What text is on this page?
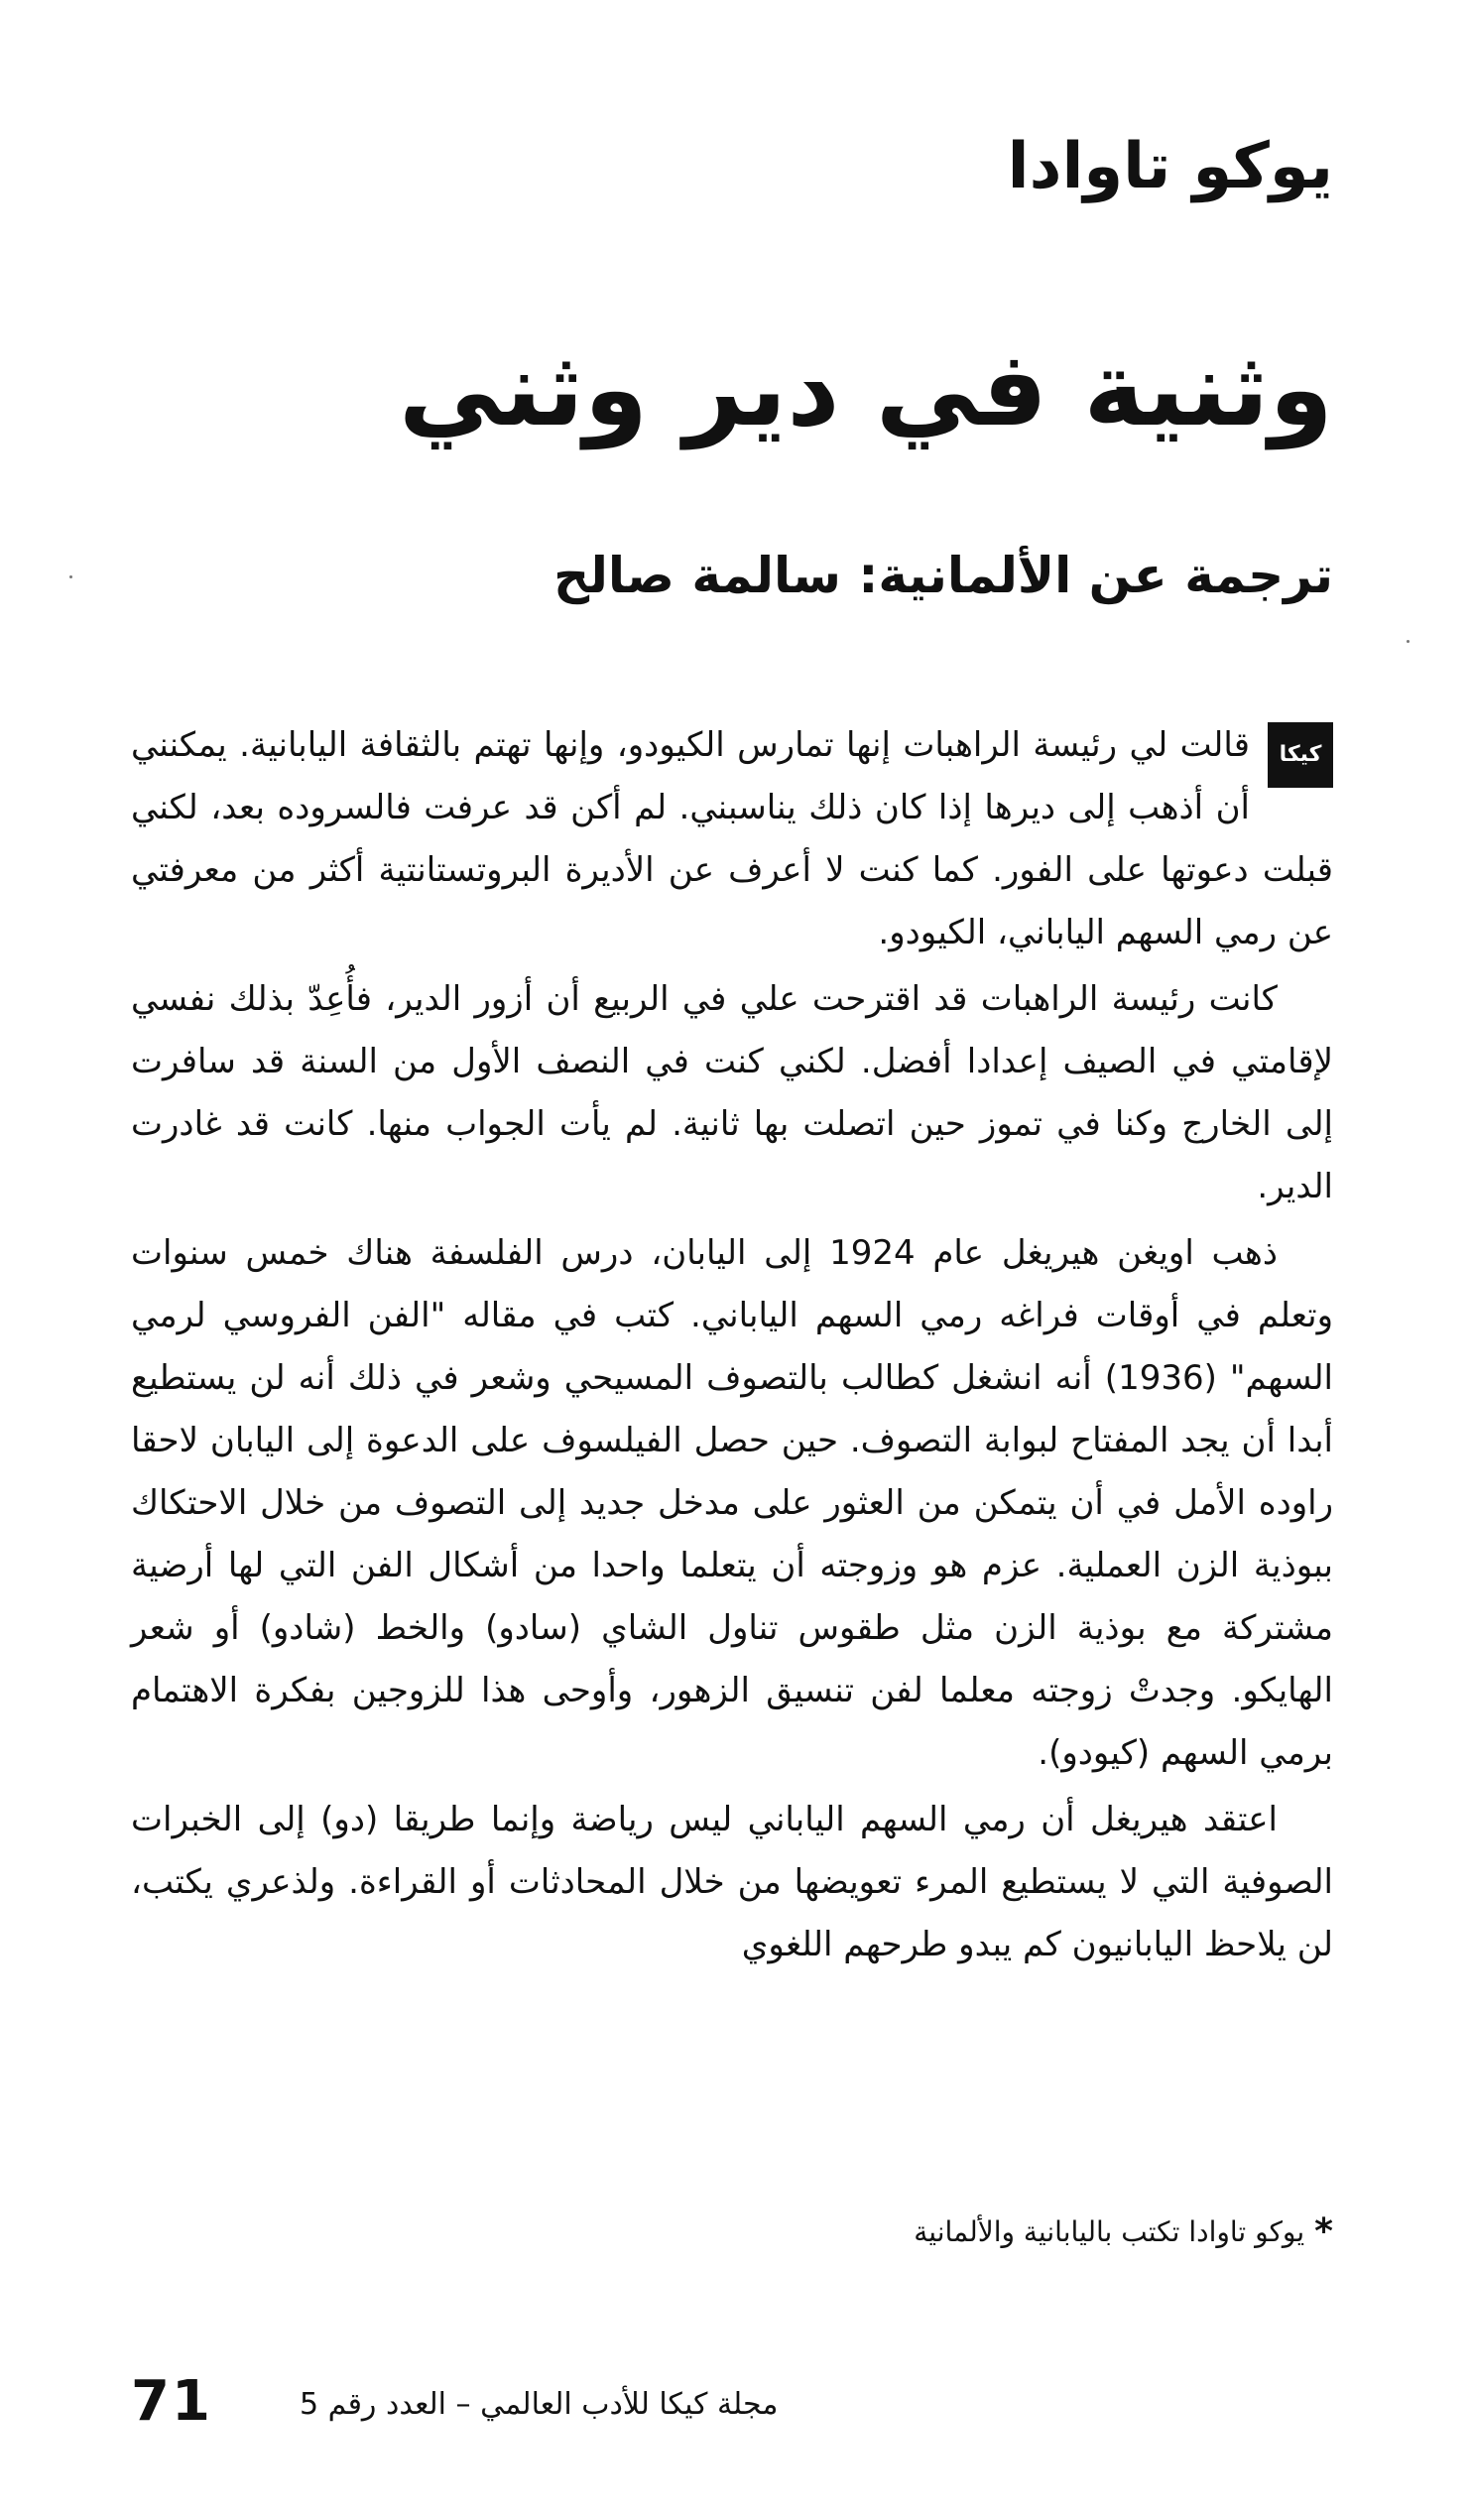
يوكو تاوادا
وثنية في دير وثني
ترجمة عن الألمانية: سالمة صالح

كيكا
قالت لي رئيسة الراهبات إنها تمارس الكيودو، وإنها تهتم بالثقافة اليابانية. يمكنني أن أذهب إلى ديرها إذا كان ذلك يناسبني. لم أكن قد عرفت فالسروده بعد، لكني قبلت دعوتها على الفور. كما كنت لا أعرف عن الأديرة البروتستانتية أكثر من معرفتي عن رمي السهم الياباني، الكيودو.

كانت رئيسة الراهبات قد اقترحت علي في الربيع أن أزور الدير، فأُعِدّ بذلك نفسي لإقامتي في الصيف إعدادا أفضل. لكني كنت في النصف الأول من السنة قد سافرت إلى الخارج وكنا في تموز حين اتصلت بها ثانية. لم يأت الجواب منها. كانت قد غادرت الدير.

ذهب اويغن هيريغل عام 1924 إلى اليابان، درس الفلسفة هناك خمس سنوات وتعلم في أوقات فراغه رمي السهم الياباني. كتب في مقاله "الفن الفروسي لرمي السهم" (1936) أنه انشغل كطالب بالتصوف المسيحي وشعر في ذلك أنه لن يستطيع أبدا أن يجد المفتاح لبوابة التصوف. حين حصل الفيلسوف على الدعوة إلى اليابان لاحقا راوده الأمل في أن يتمكن من العثور على مدخل جديد إلى التصوف من خلال الاحتكاك ببوذية الزن العملية. عزم هو وزوجته أن يتعلما واحدا من أشكال الفن التي لها أرضية مشتركة مع بوذية الزن مثل طقوس تناول الشاي (سادو) والخط (شادو) أو شعر الهايكو. وجدتْ زوجته معلما لفن تنسيق الزهور، وأوحى هذا للزوجين بفكرة الاهتمام برمي السهم (كيودو).

اعتقد هيريغل أن رمي السهم الياباني ليس رياضة وإنما طريقا (دو) إلى الخبرات الصوفية التي لا يستطيع المرء تعويضها من خلال المحادثات أو القراءة. ولذعري يكتب، لن يلاحظ اليابانيون كم يبدو طرحهم اللغوي

*
يوكو تاوادا تكتب باليابانية والألمانية
71	مجلة كيكا للأدب العالمي – العدد رقم 5
